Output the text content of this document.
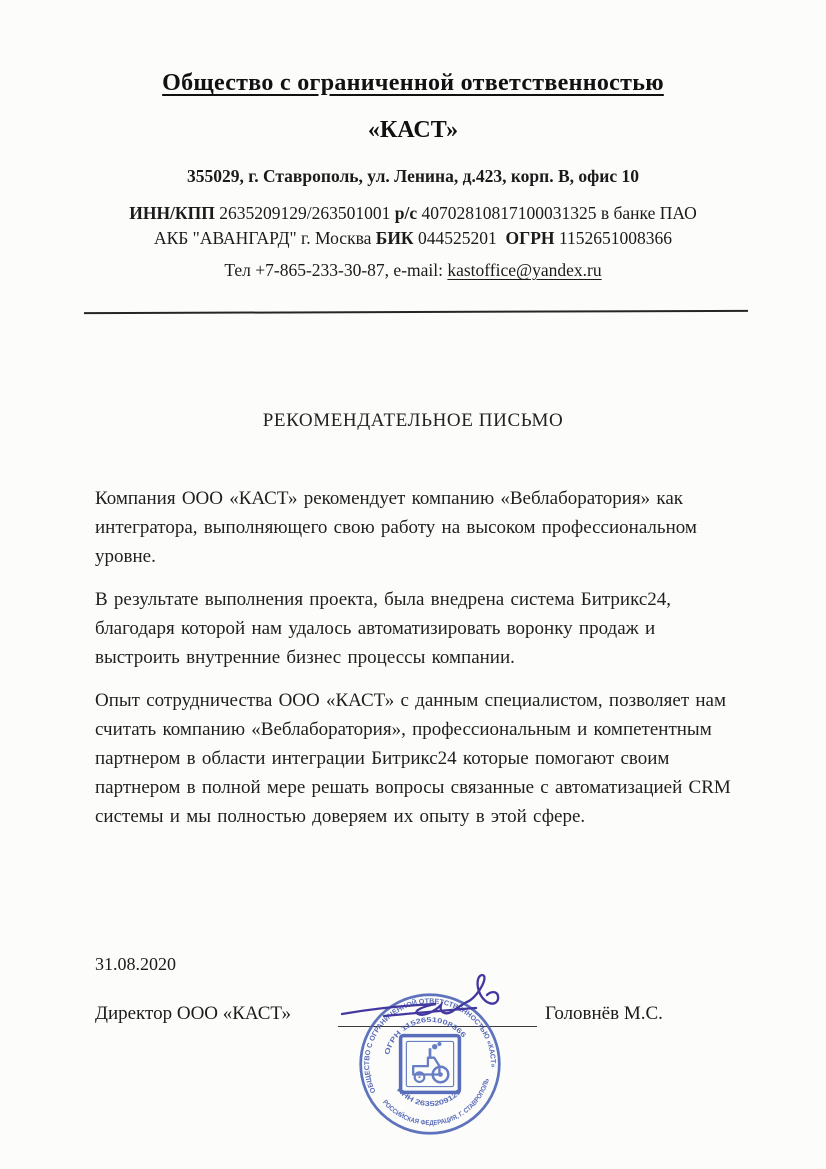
Общество с ограниченной ответственностью
«КАСТ»
355029, г. Ставрополь, ул. Ленина, д.423, корп. В, офис 10
ИНН/КПП 2635209129/263501001 р/с 40702810817100031325 в банке ПАО
АКБ "АВАНГАРД" г. Москва БИК 044525201 ОГРН 1152651008366
Тел +7-865-233-30-87, e-mail: kastoffice@yandex.ru
РЕКОМЕНДАТЕЛЬНОЕ ПИСЬМО

Компания ООО «КАСТ» рекомендует компанию «Веблаборатория» как интегратора, выполняющего свою работу на высоком профессиональном уровне.

В результате выполнения проекта, была внедрена система Битрикс24, благодаря которой нам удалось автоматизировать воронку продаж и выстроить внутренние бизнес процессы компании.

Опыт сотрудничества ООО «КАСТ» с данным специалистом, позволяет нам считать компанию «Веблаборатория», профессиональным и компетентным партнером в области интеграции Битрикс24 которые помогают своим партнером в полной мере решать вопросы связанные с автоматизацией CRM системы и мы полностью доверяем их опыту в этой сфере.

31.08.2020
Директор ООО «КАСТ»	Головнёв М.С.
ОБЩЕСТВО С ОГРАНИЧЕННОЙ ОТВЕТСТВЕННОСТЬЮ «КАСТ»
РОССИЙСКАЯ ФЕДЕРАЦИЯ, Г. СТАВРОПОЛЬ
ОГРН 1152651008366
ИНН 2635209129
